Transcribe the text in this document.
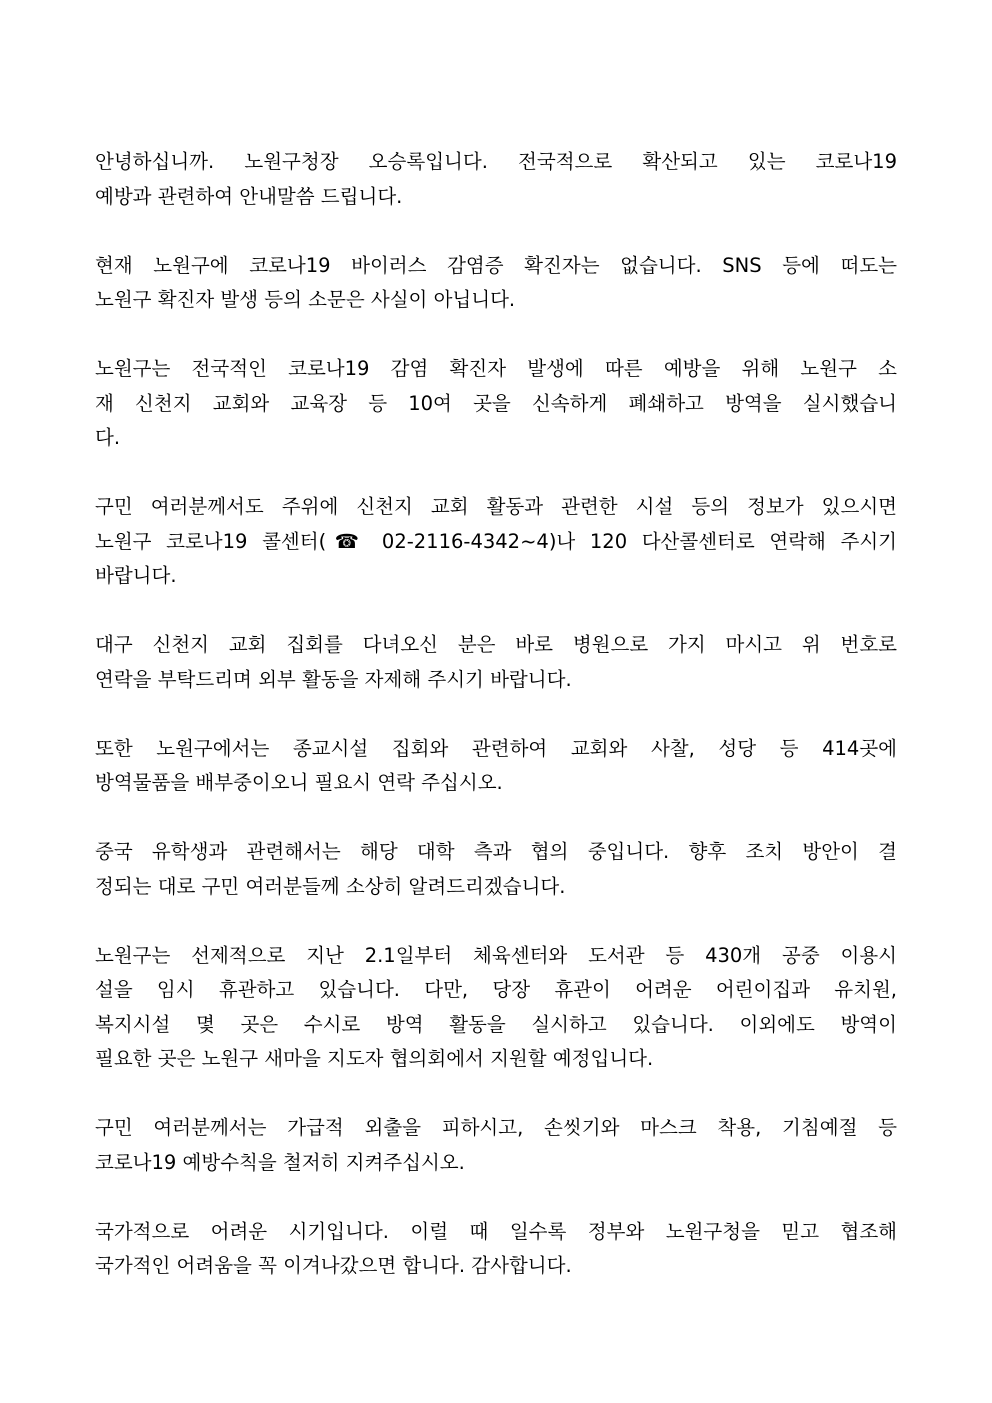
안녕하십니까. 노원구청장 오승록입니다. 전국적으로 확산되고 있는 코로나19
예방과 관련하여 안내말씀 드립니다.

현재 노원구에 코로나19 바이러스 감염증 확진자는 없습니다. SNS 등에 떠도는
노원구 확진자 발생 등의 소문은 사실이 아닙니다.

노원구는 전국적인 코로나19 감염 확진자 발생에 따른 예방을 위해 노원구 소
재 신천지 교회와 교육장 등 10여 곳을 신속하게 폐쇄하고 방역을 실시했습니
다.

구민 여러분께서도 주위에 신천지 교회 활동과 관련한 시설 등의 정보가 있으시면
노원구 코로나19 콜센터(☎ 02-2116-4342~4)나 120 다산콜센터로 연락해 주시기
바랍니다.

대구 신천지 교회 집회를 다녀오신 분은 바로 병원으로 가지 마시고 위 번호로
연락을 부탁드리며 외부 활동을 자제해 주시기 바랍니다.

또한 노원구에서는 종교시설 집회와 관련하여 교회와 사찰, 성당 등 414곳에
방역물품을 배부중이오니 필요시 연락 주십시오.

중국 유학생과 관련해서는 해당 대학 측과 협의 중입니다. 향후 조치 방안이 결
정되는 대로 구민 여러분들께 소상히 알려드리겠습니다.

노원구는 선제적으로 지난 2.1일부터 체육센터와 도서관 등 430개 공중 이용시
설을 임시 휴관하고 있습니다. 다만, 당장 휴관이 어려운 어린이집과 유치원,
복지시설 몇 곳은 수시로 방역 활동을 실시하고 있습니다. 이외에도 방역이
필요한 곳은 노원구 새마을 지도자 협의회에서 지원할 예정입니다.

구민 여러분께서는 가급적 외출을 피하시고, 손씻기와 마스크 착용, 기침예절 등
코로나19 예방수칙을 철저히 지켜주십시오.

국가적으로 어려운 시기입니다. 이럴 때 일수록 정부와 노원구청을 믿고 협조해
국가적인 어려움을 꼭 이겨나갔으면 합니다. 감사합니다.
